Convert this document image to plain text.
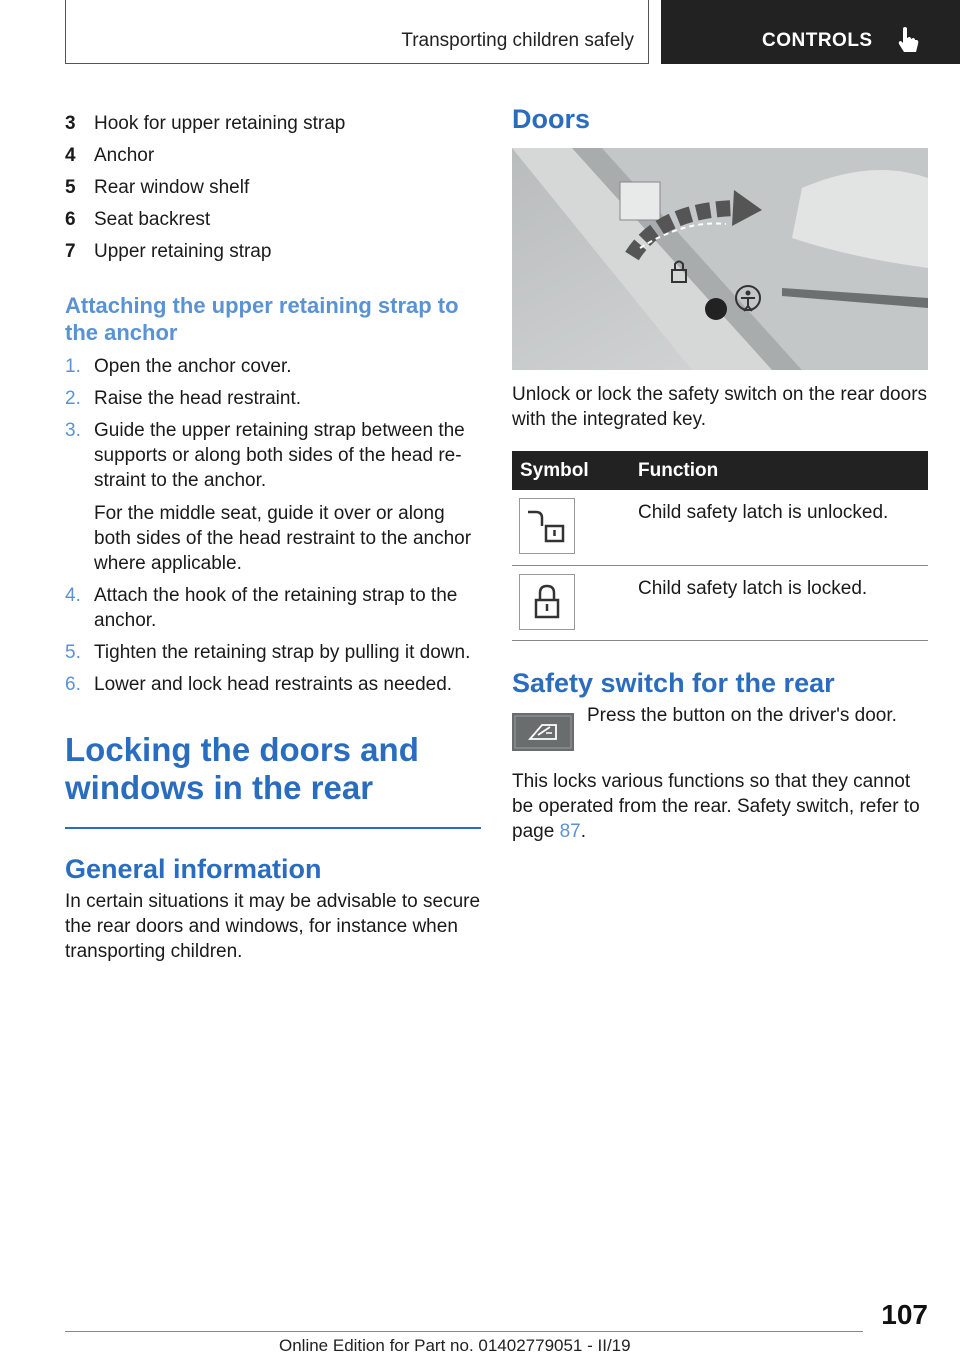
Transporting children safely	CONTROLS
3 Hook for upper retaining strap
4 Anchor
5 Rear window shelf
6 Seat backrest
7 Upper retaining strap
Attaching the upper retaining strap to the anchor
1. Open the anchor cover.

2. Raise the head restraint.

3. Guide the upper retaining strap between the supports or along both sides of the head re-straint to the anchor.

For the middle seat, guide it over or along both sides of the head restraint to the anchor where applicable.

4. Attach the hook of the retaining strap to the anchor.

5. Tighten the retaining strap by pulling it down.

6. Lower and lock head restraints as needed.

Locking the doors and windows in the rear
General information

In certain situations it may be advisable to secure the rear doors and windows, for instance when transporting children.

Doors

Unlock or lock the safety switch on the rear doors with the integrated key.

Symbol	Function

	Child safety latch is unlocked.

	Child safety latch is locked.
Safety switch for the rear
Press the button on the driver's door.

This locks various functions so that they cannot be operated from the rear. Safety switch, refer to page 87.

107
Online Edition for Part no. 01402779051 - II/19
